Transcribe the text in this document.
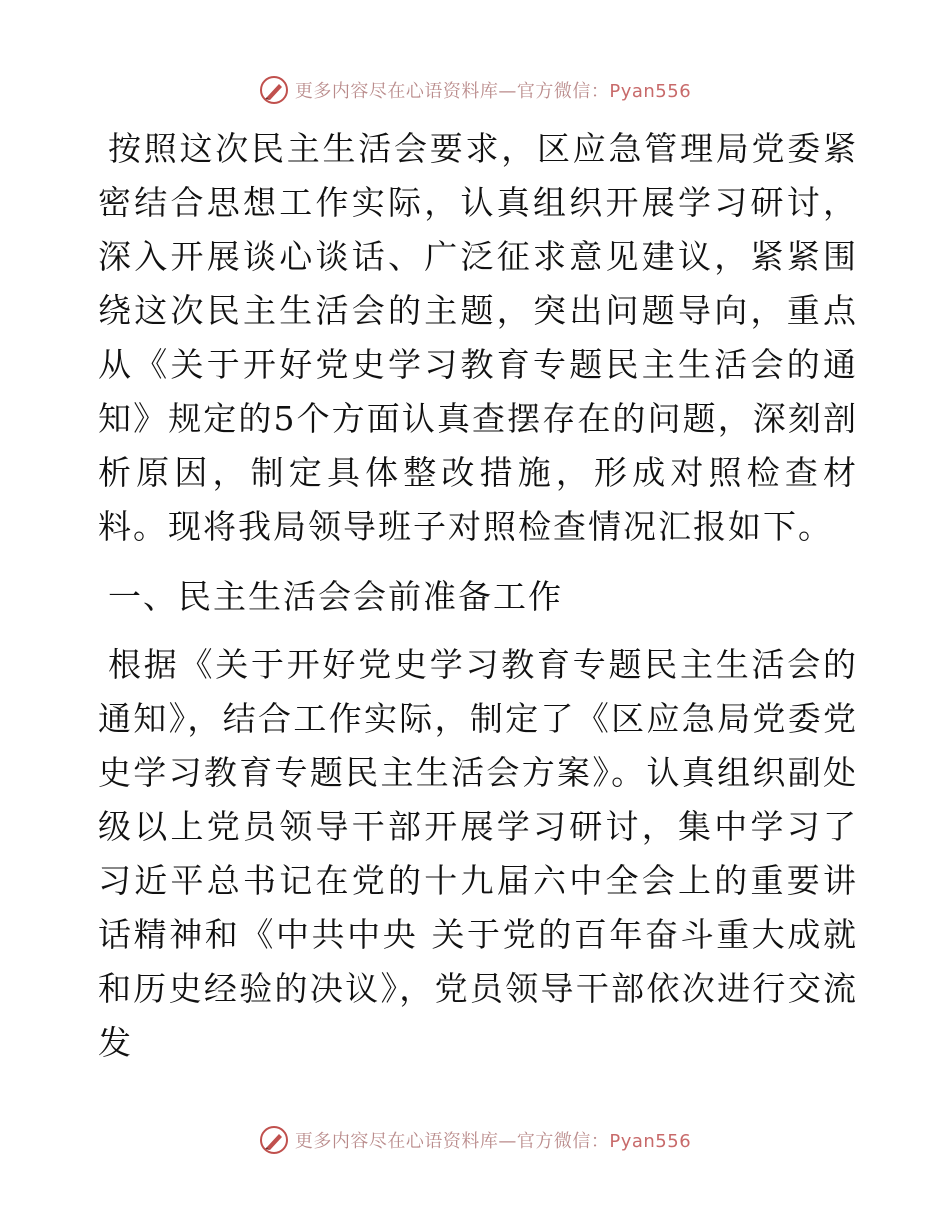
更多内容尽在心语资料库—官方微信：Pyan556

按照这次民主生活会要求，区应急管理局党委紧密结合思想工作实际，认真组织开展学习研讨，深入开展谈心谈话、广泛征求意见建议，紧紧围绕这次民主生活会的主题，突出问题导向，重点从《关于开好党史学习教育专题民主生活会的通知》规定的5个方面认真查摆存在的问题，深刻剖析原因，制定具体整改措施，形成对照检查材料。现将我局领导班子对照检查情况汇报如下。

一、民主生活会会前准备工作

根据《关于开好党史学习教育专题民主生活会的通知》，结合工作实际，制定了《区应急局党委党史学习教育专题民主生活会方案》。认真组织副处级以上党员领导干部开展学习研讨，集中学习了习近平总书记在党的十九届六中全会上的重要讲话精神和《中共中央 关于党的百年奋斗重大成就和历史经验的决议》，党员领导干部依次进行交流发

更多内容尽在心语资料库—官方微信：Pyan556
